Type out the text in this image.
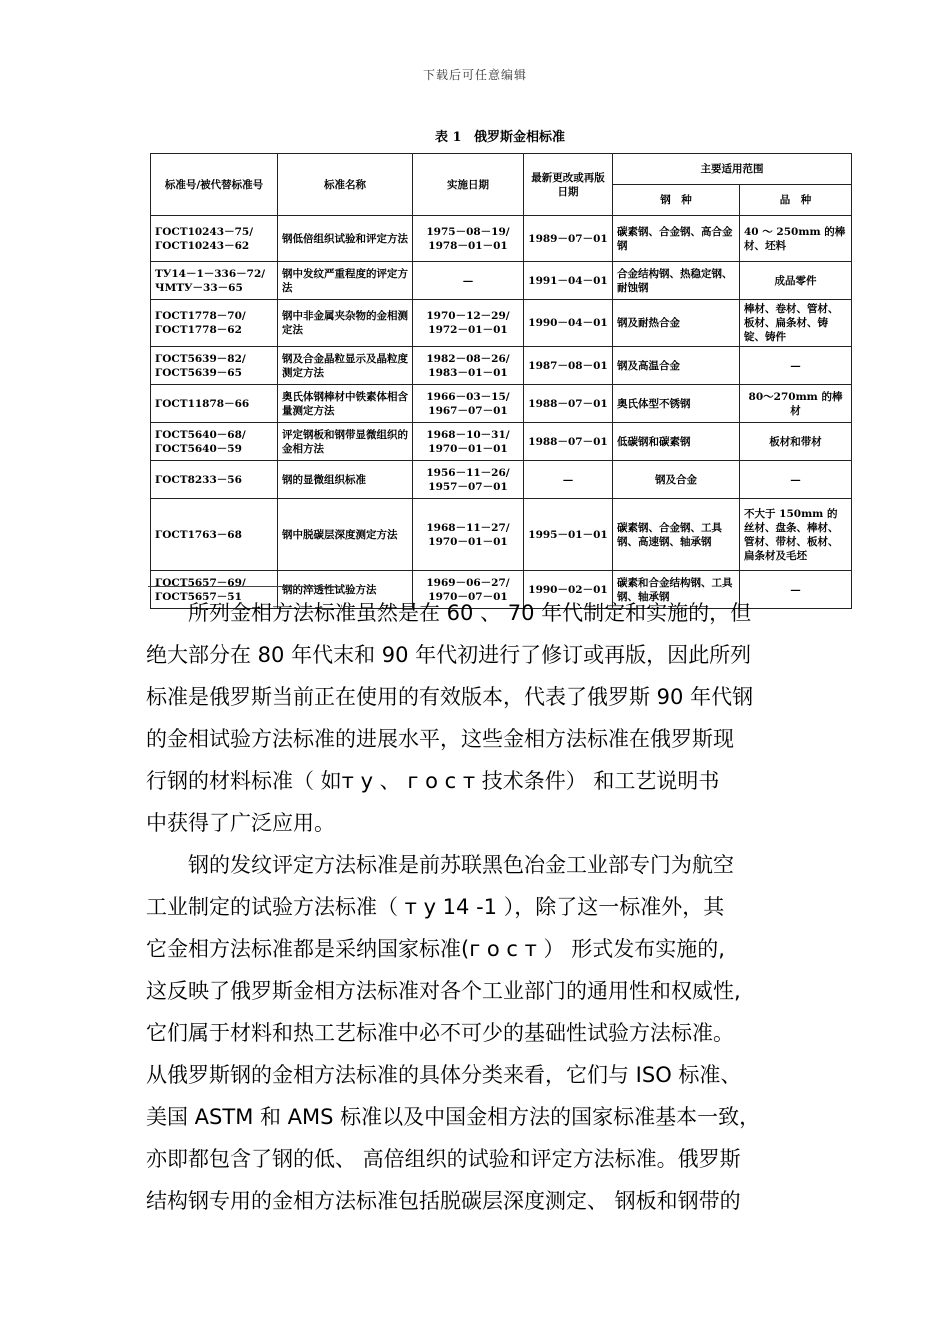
下载后可任意编辑
表 1 俄罗斯金相标准
标准号/被代替标准号	标准名称	实施日期	最新更改或再版日期	主要适用范围	
				钢　种	品　种
ГОСТ10243－75/ ГОСТ10243－62	钢低倍组织试验和评定方法	1975－08－19/ 1978－01－01	1989－07－01	碳素钢、合金钢、高合金钢	40 ～ 250mm 的棒材、坯料
ТУ14－1－336－72/ ЧМТУ－33－65	钢中发纹严重程度的评定方法	—	1991－04－01	合金结构钢、热稳定钢、耐蚀钢	成品零件
ГОСТ1778－70/ ГОСТ1778－62	钢中非金属夹杂物的金相测定法	1970－12－29/ 1972－01－01	1990－04－01	钢及耐热合金	棒材、卷材、管材、板材、扁条材、铸锭、铸件
ГОСТ5639－82/ ГОСТ5639－65	钢及合金晶粒显示及晶粒度测定方法	1982－08－26/ 1983－01－01	1987－08－01	钢及高温合金	—
ГОСТ11878－66	奥氏体钢棒材中铁素体相含量测定方法	1966－03－15/ 1967－07－01	1988－07－01	奥氏体型不锈钢	80～270mm 的棒材
ГОСТ5640－68/ ГОСТ5640－59	评定钢板和钢带显微组织的金相方法	1968－10－31/ 1970－01－01	1988－07－01	低碳钢和碳素钢	板材和带材
ГОСТ8233－56	钢的显微组织标准	1956－11－26/ 1957－07－01	—	钢及合金	—
ГОСТ1763－68	钢中脱碳层深度测定方法	1968－11－27/ 1970－01－01	1995－01－01	碳素钢、合金钢、工具钢、高速钢、轴承钢	不大于 150mm 的丝材、盘条、棒材、管材、带材、板材、扁条材及毛坯
ГОСТ5657－69/ ГОСТ5657－51	钢的淬透性试验方法	1969－06－27/ 1970－07－01	1990－02－01	碳素和合金结构钢、工具钢、轴承钢	—

　　所列金相方法标准虽然是在 60 、 70 年代制定和实施的，但

绝大部分在 80 年代末和 90 年代初进行了修订或再版，因此所列

标准是俄罗斯当前正在使用的有效版本，代表了俄罗斯 90 年代钢

的金相试验方法标准的进展水平，这些金相方法标准在俄罗斯现

行钢的材料标准（ 如т у 、 г о с т 技术条件） 和工艺说明书

中获得了广泛应用。

　　钢的发纹评定方法标准是前苏联黑色冶金工业部专门为航空

工业制定的试验方法标准（ т у 14 -1 ），除了这一标准外，其

它金相方法标准都是采纳国家标准(г о с т ） 形式发布实施的,

这反映了俄罗斯金相方法标准对各个工业部门的通用性和权威性,

它们属于材料和热工艺标准中必不可少的基础性试验方法标准。

从俄罗斯钢的金相方法标准的具体分类来看，它们与 ISO 标准、

美国 ASTM 和 AMS 标准以及中国金相方法的国家标准基本一致，

亦即都包含了钢的低、 高倍组织的试验和评定方法标准。俄罗斯

结构钢专用的金相方法标准包括脱碳层深度测定、 钢板和钢带的
